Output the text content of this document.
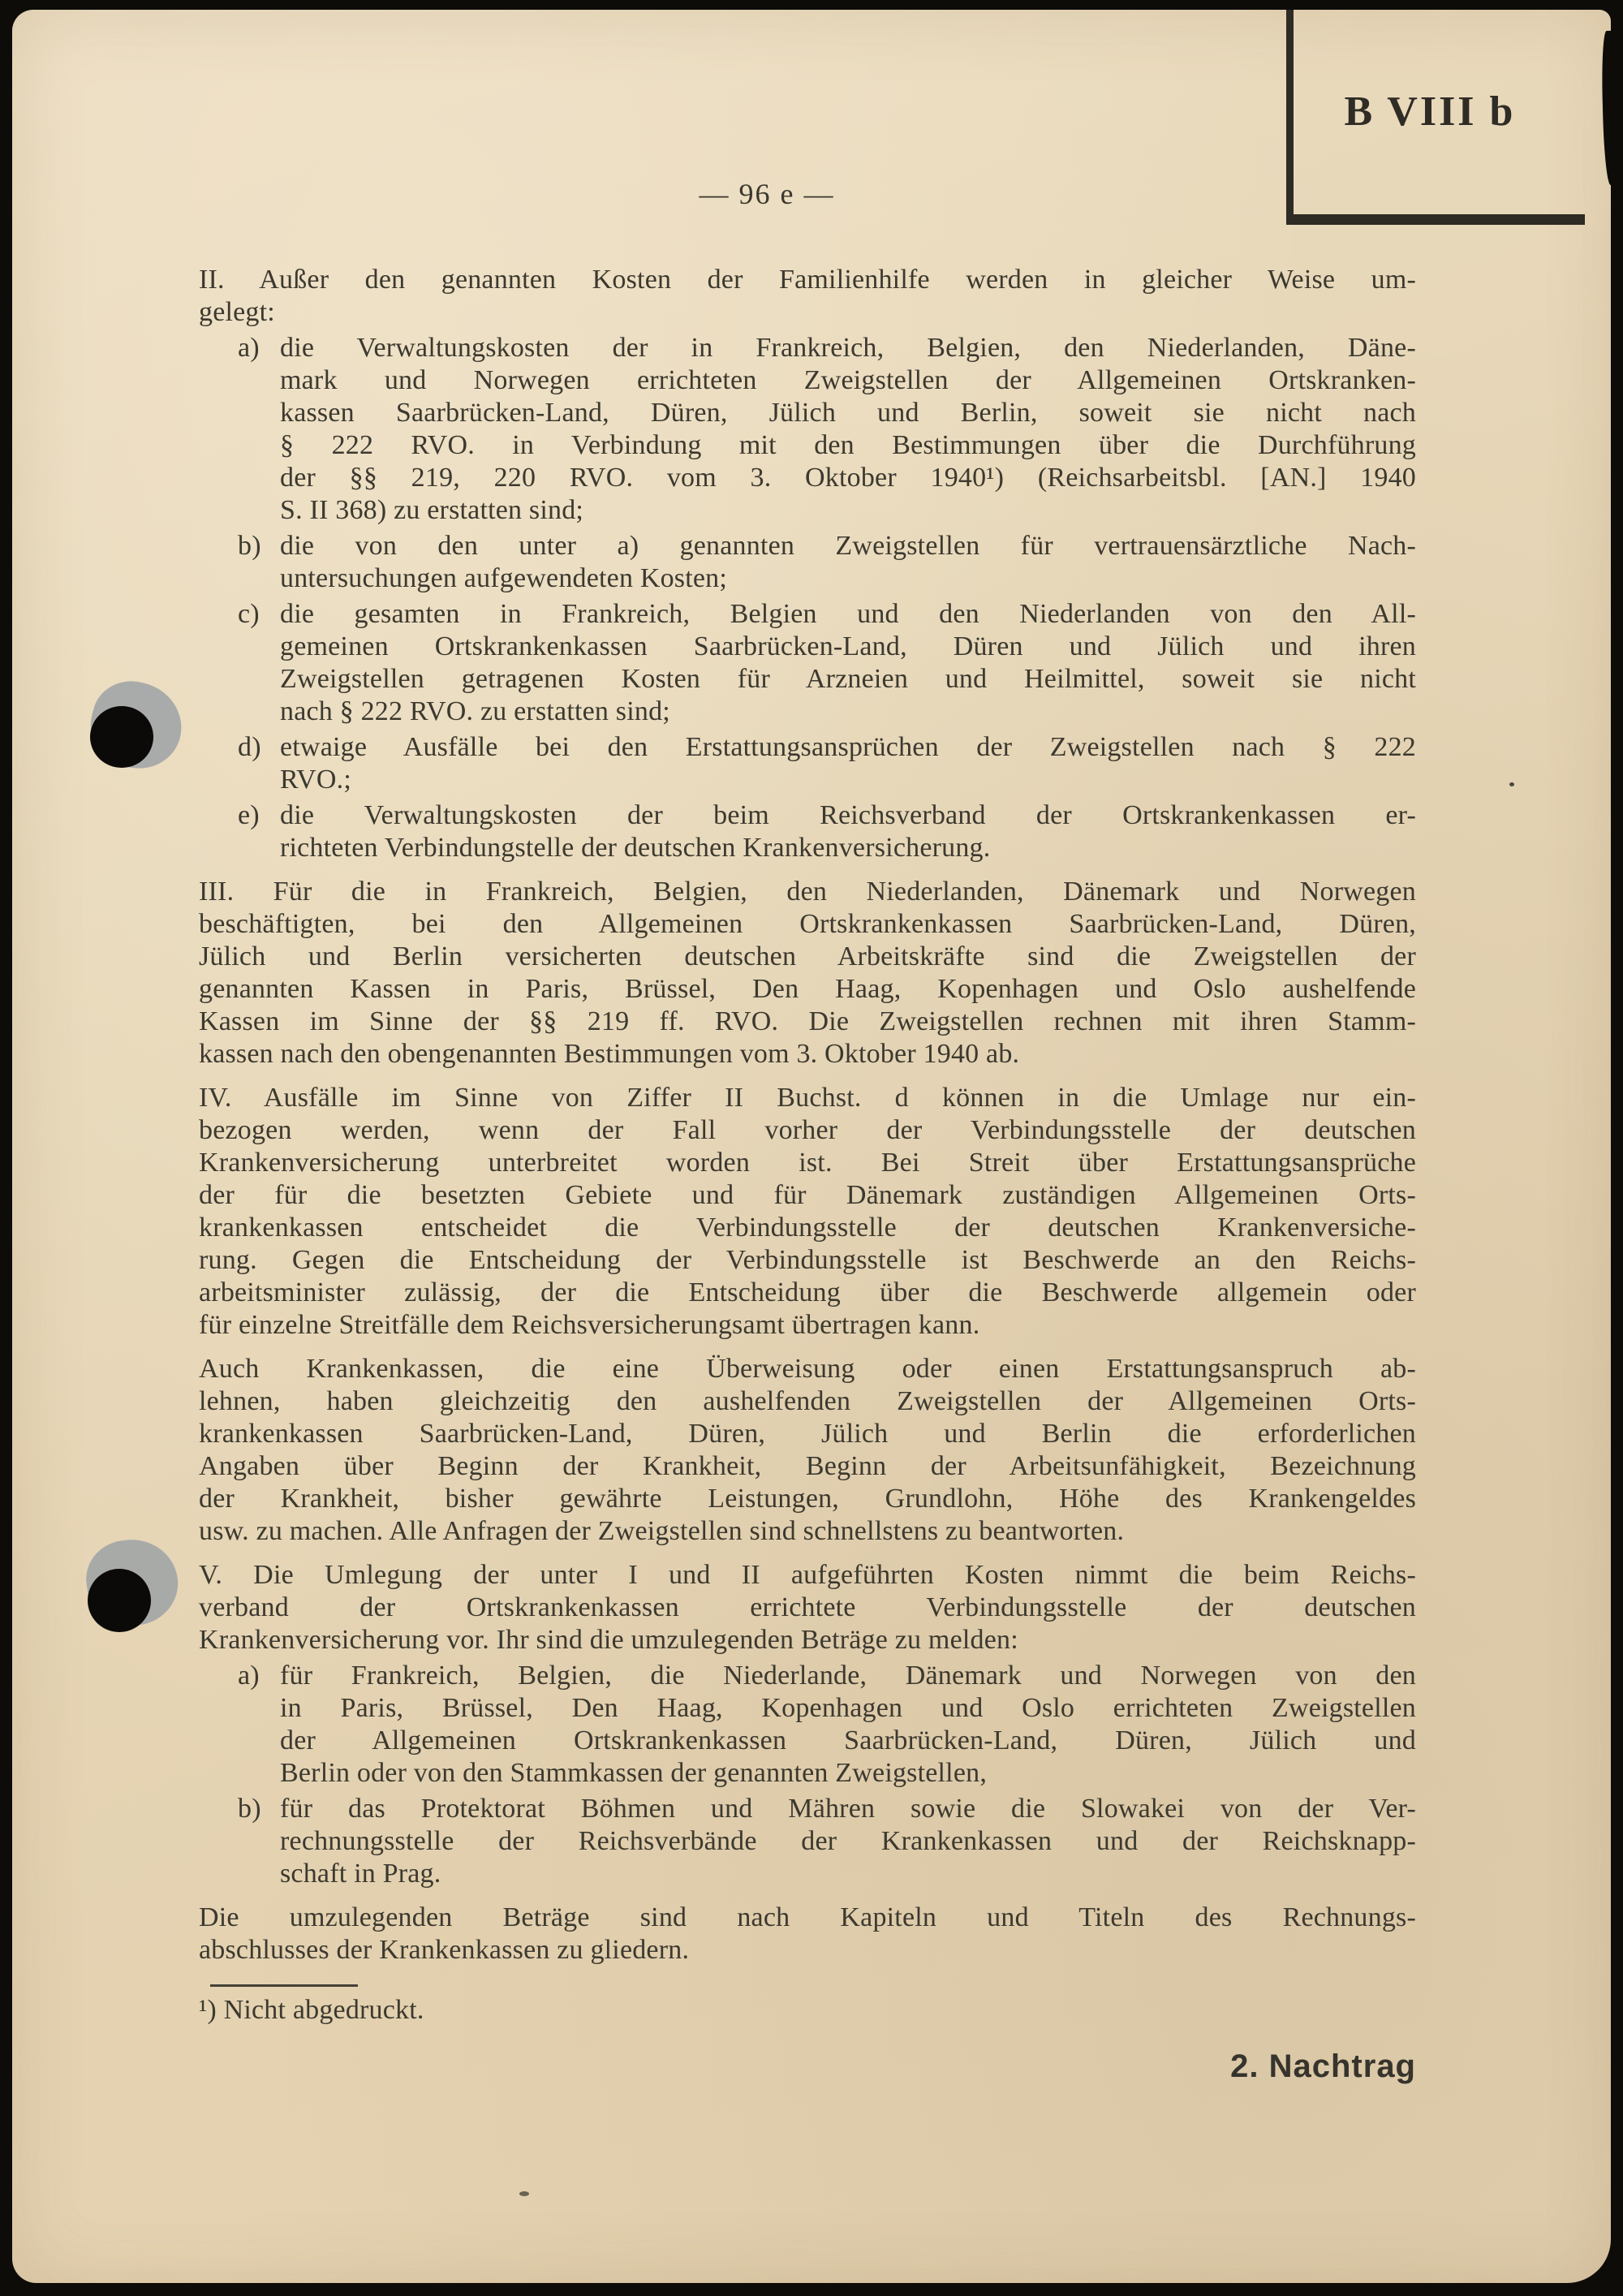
B VIII b
— 96 e —
II. Außer den genannten Kosten der Familienhilfe werden in gleicher Weise um-
gelegt:
a) die Verwaltungskosten der in Frankreich, Belgien, den Niederlanden, Däne-
mark und Norwegen errichteten Zweigstellen der Allgemeinen Ortskranken-
kassen Saarbrücken-Land, Düren, Jülich und Berlin, soweit sie nicht nach
§ 222 RVO. in Verbindung mit den Bestimmungen über die Durchführung
der §§ 219, 220 RVO. vom 3. Oktober 1940¹) (Reichsarbeitsbl. [AN.] 1940
S. II 368) zu erstatten sind;
b) die von den unter a) genannten Zweigstellen für vertrauensärztliche Nach-
untersuchungen aufgewendeten Kosten;
c) die gesamten in Frankreich, Belgien und den Niederlanden von den All-
gemeinen Ortskrankenkassen Saarbrücken-Land, Düren und Jülich und ihren
Zweigstellen getragenen Kosten für Arzneien und Heilmittel, soweit sie nicht
nach § 222 RVO. zu erstatten sind;
d) etwaige Ausfälle bei den Erstattungsansprüchen der Zweigstellen nach § 222
RVO.;
e) die Verwaltungskosten der beim Reichsverband der Ortskrankenkassen er-
richteten Verbindungstelle der deutschen Krankenversicherung.
III. Für die in Frankreich, Belgien, den Niederlanden, Dänemark und Norwegen
beschäftigten, bei den Allgemeinen Ortskrankenkassen Saarbrücken-Land, Düren,
Jülich und Berlin versicherten deutschen Arbeitskräfte sind die Zweigstellen der
genannten Kassen in Paris, Brüssel, Den Haag, Kopenhagen und Oslo aushelfende
Kassen im Sinne der §§ 219 ff. RVO. Die Zweigstellen rechnen mit ihren Stamm-
kassen nach den obengenannten Bestimmungen vom 3. Oktober 1940 ab.
IV. Ausfälle im Sinne von Ziffer II Buchst. d können in die Umlage nur ein-
bezogen werden, wenn der Fall vorher der Verbindungsstelle der deutschen
Krankenversicherung unterbreitet worden ist. Bei Streit über Erstattungsansprüche
der für die besetzten Gebiete und für Dänemark zuständigen Allgemeinen Orts-
krankenkassen entscheidet die Verbindungsstelle der deutschen Krankenversiche-
rung. Gegen die Entscheidung der Verbindungsstelle ist Beschwerde an den Reichs-
arbeitsminister zulässig, der die Entscheidung über die Beschwerde allgemein oder
für einzelne Streitfälle dem Reichsversicherungsamt übertragen kann.
Auch Krankenkassen, die eine Überweisung oder einen Erstattungsanspruch ab-
lehnen, haben gleichzeitig den aushelfenden Zweigstellen der Allgemeinen Orts-
krankenkassen Saarbrücken-Land, Düren, Jülich und Berlin die erforderlichen
Angaben über Beginn der Krankheit, Beginn der Arbeitsunfähigkeit, Bezeichnung
der Krankheit, bisher gewährte Leistungen, Grundlohn, Höhe des Krankengeldes
usw. zu machen. Alle Anfragen der Zweigstellen sind schnellstens zu beantworten.
V. Die Umlegung der unter I und II aufgeführten Kosten nimmt die beim Reichs-
verband der Ortskrankenkassen errichtete Verbindungsstelle der deutschen
Krankenversicherung vor. Ihr sind die umzulegenden Beträge zu melden:
a) für Frankreich, Belgien, die Niederlande, Dänemark und Norwegen von den
in Paris, Brüssel, Den Haag, Kopenhagen und Oslo errichteten Zweigstellen
der Allgemeinen Ortskrankenkassen Saarbrücken-Land, Düren, Jülich und
Berlin oder von den Stammkassen der genannten Zweigstellen,
b) für das Protektorat Böhmen und Mähren sowie die Slowakei von der Ver-
rechnungsstelle der Reichsverbände der Krankenkassen und der Reichsknapp-
schaft in Prag.
Die umzulegenden Beträge sind nach Kapiteln und Titeln des Rechnungs-
abschlusses der Krankenkassen zu gliedern.
¹) Nicht abgedruckt.
2. Nachtrag
